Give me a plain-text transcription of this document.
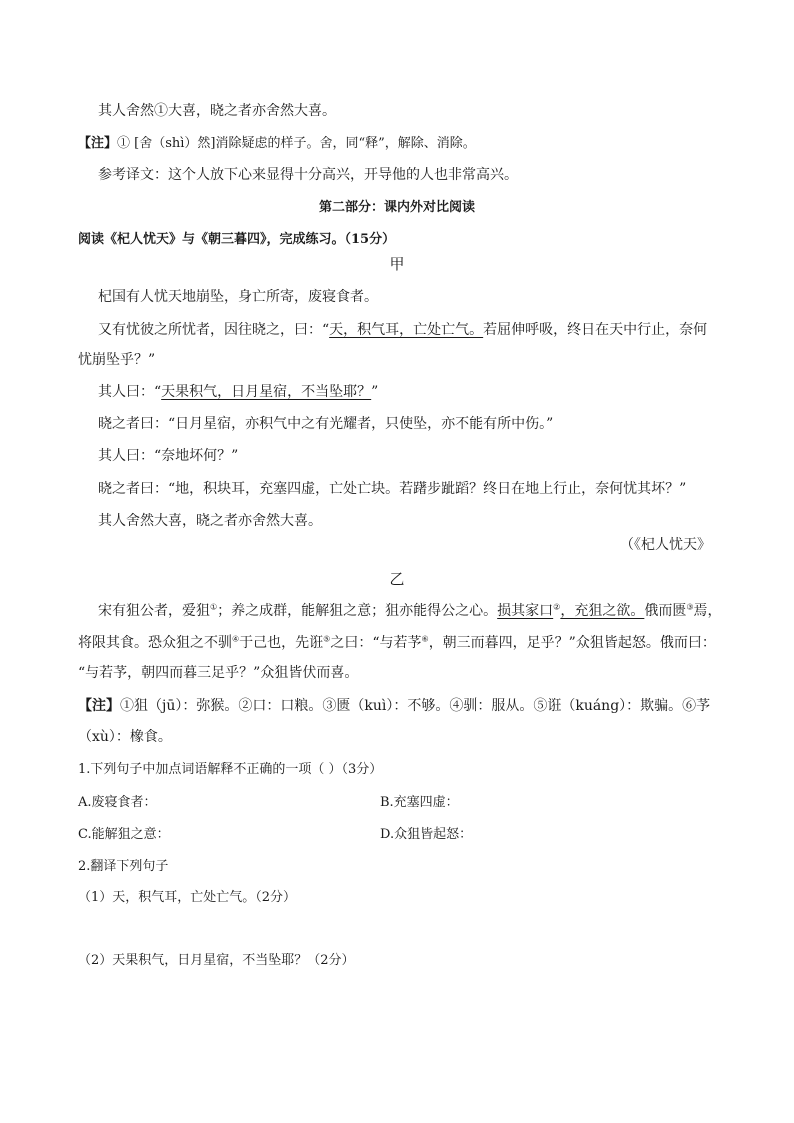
其人舍然①大喜，晓之者亦舍然大喜。
【注】① [舍（shì）然]消除疑虑的样子。舍，同“释”，解除、消除。
参考译文：这个人放下心来显得十分高兴，开导他的人也非常高兴。
第二部分：课内外对比阅读
阅读《杞人忧天》与《朝三暮四》，完成练习。（15分）
甲
杞国有人忧天地崩坠，身亡所寄，废寝食者。
又有忧彼之所忧者，因往晓之，曰：“天，积气耳，亡处亡气。若屈伸呼吸，终日在天中行止，奈何
忧崩坠乎？”
其人曰：“天果积气，日月星宿，不当坠耶？”
晓之者曰：“日月星宿，亦积气中之有光耀者，只使坠，亦不能有所中伤。”
其人曰：“奈地坏何？”
晓之者曰：“地，积块耳，充塞四虚，亡处亡块。若躇步跐蹈？终日在地上行止，奈何忧其坏？”
其人舍然大喜，晓之者亦舍然大喜。
（《杞人忧天》
乙
宋有狙公者，爱狙①；养之成群，能解狙之意；狙亦能得公之心。损其家口②，充狙之欲。俄而匮③焉，
将限其食。恐众狙之不驯④于己也，先诳⑤之曰：“与若芧⑥，朝三而暮四，足乎？”众狙皆起怒。俄而曰：
“与若芧，朝四而暮三足乎？”众狙皆伏而喜。
【注】①狙（jū）：弥猴。②口：口粮。③匮（kuì）：不够。④驯：服从。⑤诳（kuáng）：欺骗。⑥芧
（xù）：橡食。
1.下列句子中加点词语解释不正确的一项（ ）（3分）
A.废寝食者：	B.充塞四虚：
C.能解狙之意：	D.众狙皆起怒：
2.翻译下列句子
（1）天，积气耳，亡处亡气。（2分）
（2）天果积气，日月星宿，不当坠耶？（2分）
